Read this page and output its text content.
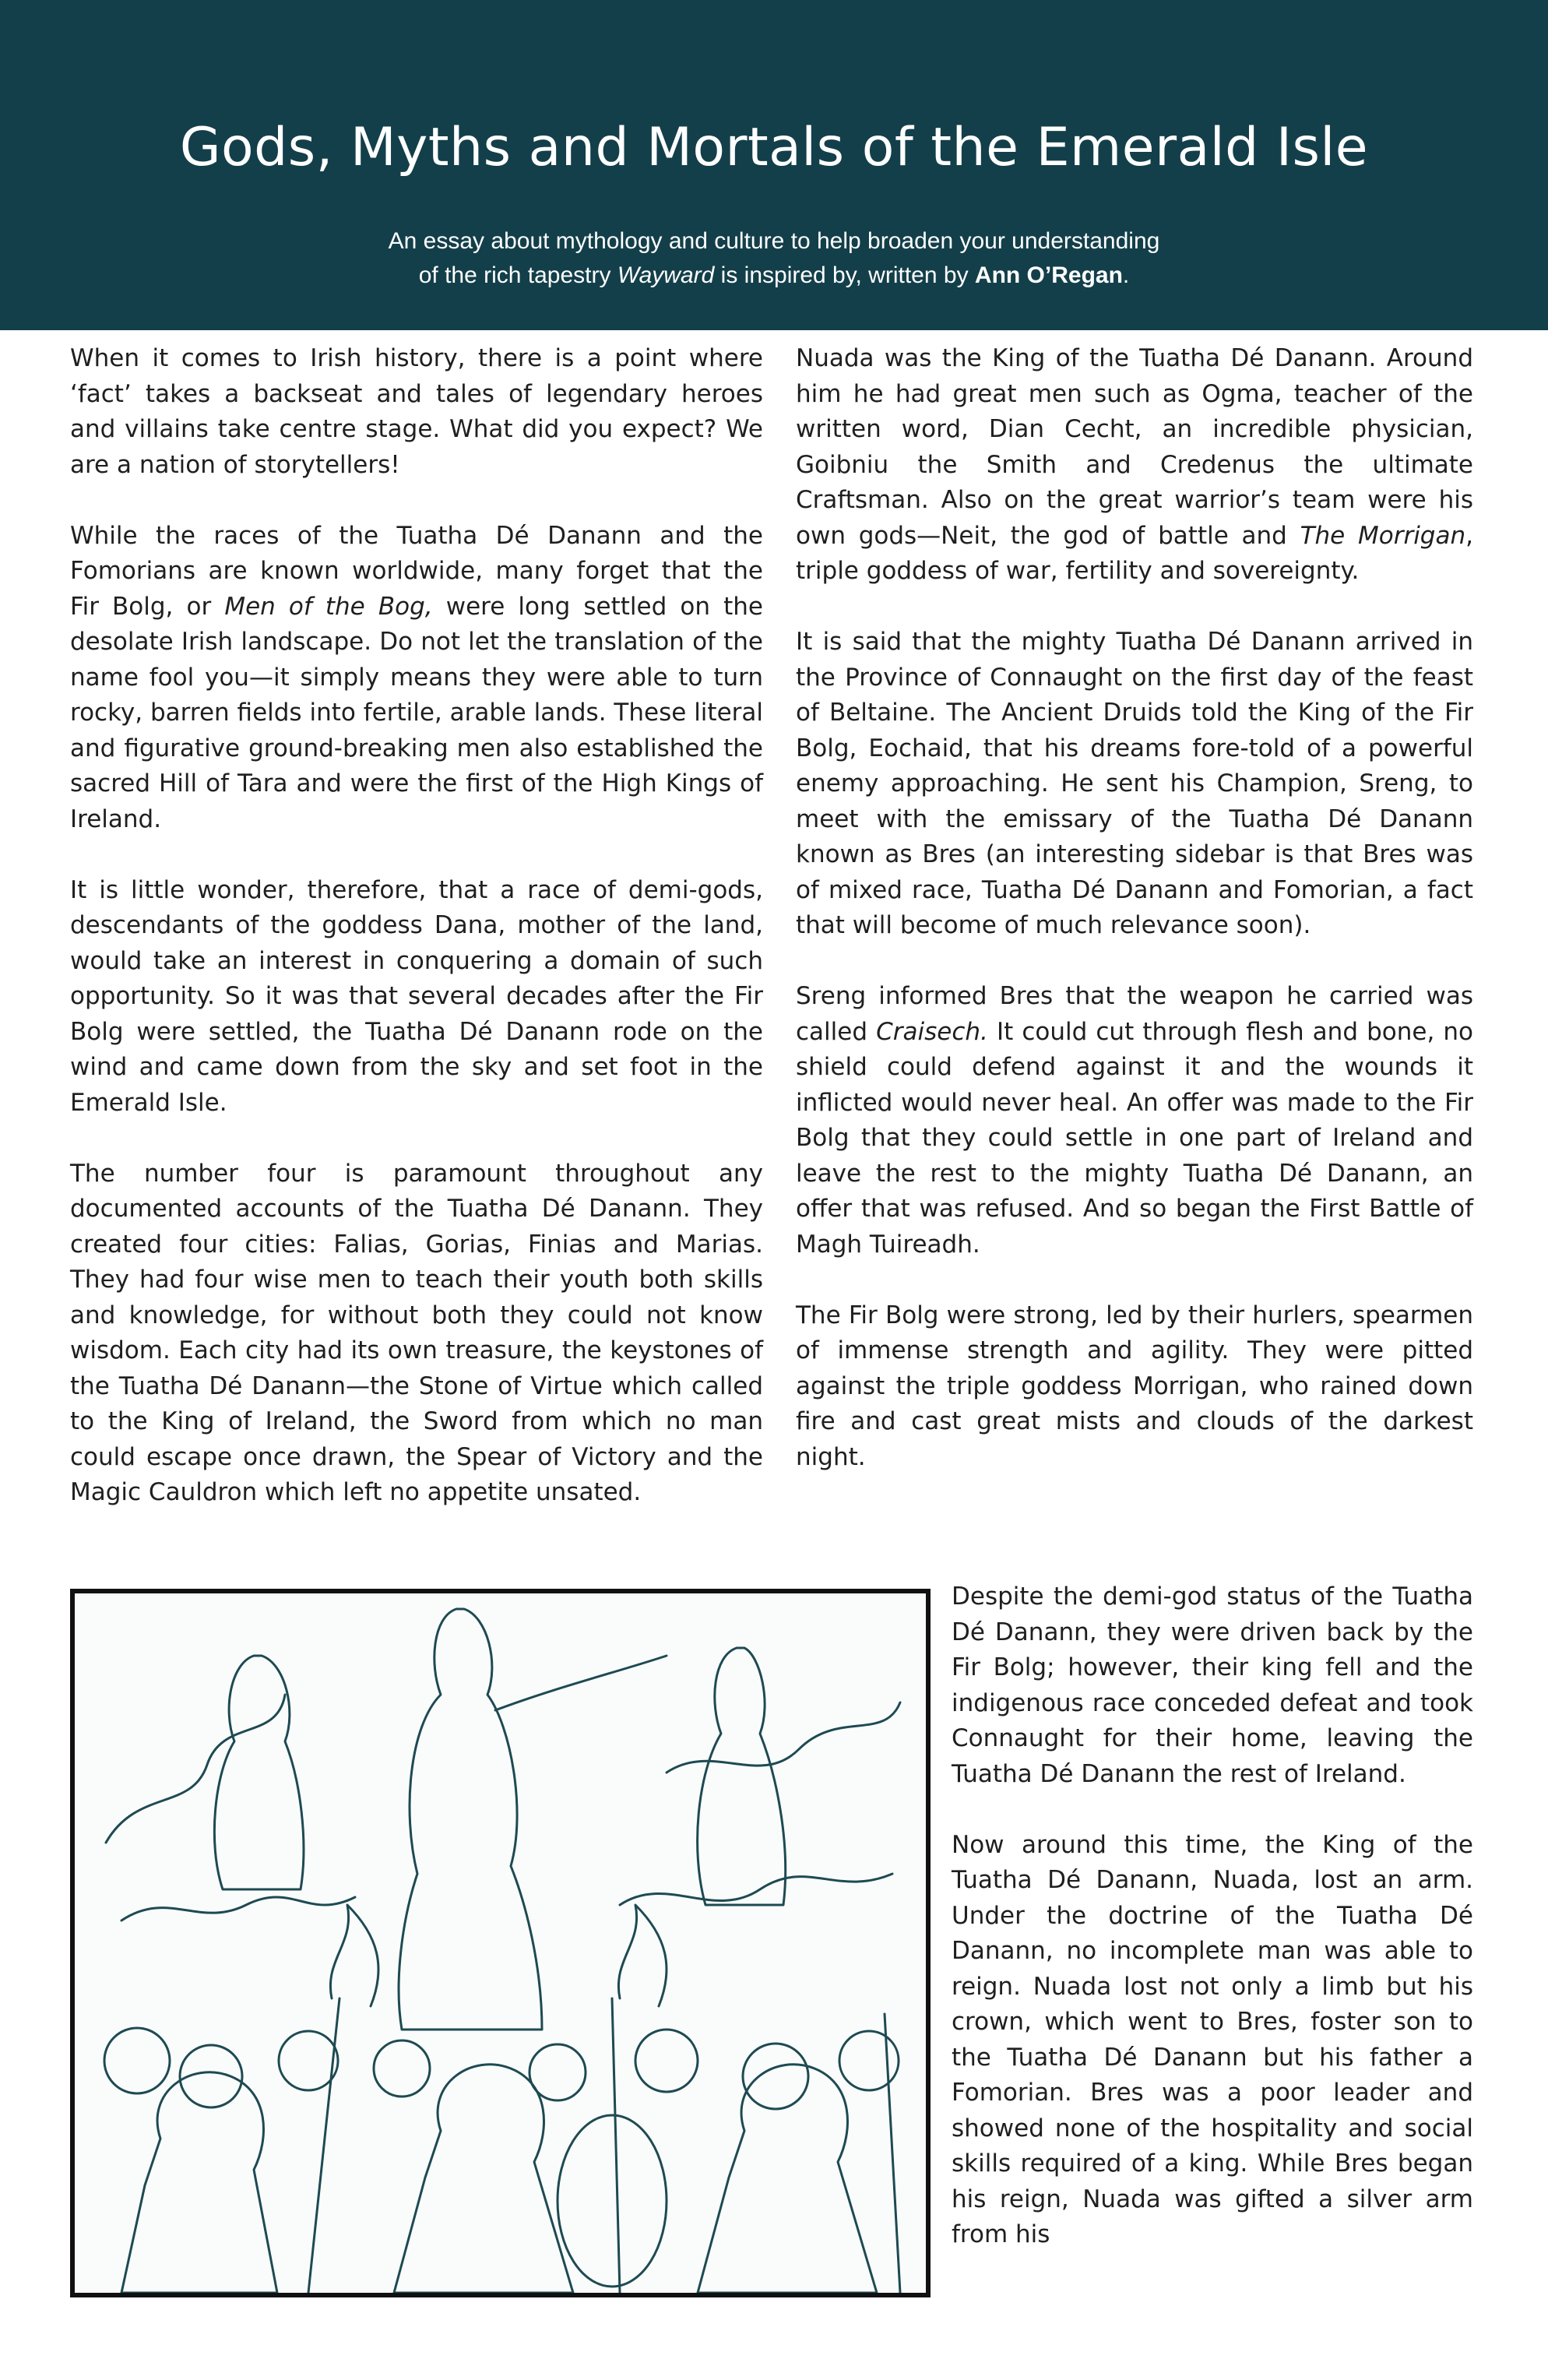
Gods, Myths and Mortals of the Emerald Isle

An essay about mythology and culture to help broaden your understanding
of the rich tapestry Wayward is inspired by, written by Ann O’Regan.

When it comes to Irish history, there is a point where ‘fact’ takes a backseat and tales of legendary heroes and villains take centre stage. What did you expect? We are a nation of storytellers!

While the races of the Tuatha Dé Danann and the Fomorians are known worldwide, many forget that the Fir Bolg, or Men of the Bog, were long settled on the desolate Irish landscape. Do not let the translation of the name fool you—it simply means they were able to turn rocky, barren fields into fertile, arable lands. These literal and figurative ground-breaking men also established the sacred Hill of Tara and were the first of the High Kings of Ireland.

It is little wonder, therefore, that a race of demi-gods, descendants of the goddess Dana, mother of the land, would take an interest in conquering a domain of such opportunity. So it was that several decades after the Fir Bolg were settled, the Tuatha Dé Danann rode on the wind and came down from the sky and set foot in the Emerald Isle.

The number four is paramount throughout any documented accounts of the Tuatha Dé Danann. They created four cities: Falias, Gorias, Finias and Marias. They had four wise men to teach their youth both skills and knowledge, for without both they could not know wisdom. Each city had its own treasure, the keystones of the Tuatha Dé Danann—the Stone of Virtue which called to the King of Ireland, the Sword from which no man could escape once drawn, the Spear of Victory and the Magic Cauldron which left no appetite unsated.

Nuada was the King of the Tuatha Dé Danann. Around him he had great men such as Ogma, teacher of the written word, Dian Cecht, an incredible physician, Goibniu the Smith and Credenus the ultimate Craftsman. Also on the great warrior’s team were his own gods—Neit, the god of battle and The Morrigan, triple goddess of war, fertility and sovereignty.

It is said that the mighty Tuatha Dé Danann arrived in the Province of Connaught on the first day of the feast of Beltaine. The Ancient Druids told the King of the Fir Bolg, Eochaid, that his dreams fore-told of a powerful enemy approaching. He sent his Champion, Sreng, to meet with the emissary of the Tuatha Dé Danann known as Bres (an interesting sidebar is that Bres was of mixed race, Tuatha Dé Danann and Fomorian, a fact that will become of much relevance soon).

Sreng informed Bres that the weapon he carried was called Craisech. It could cut through flesh and bone, no shield could defend against it and the wounds it inflicted would never heal. An offer was made to the Fir Bolg that they could settle in one part of Ireland and leave the rest to the mighty Tuatha Dé Danann, an offer that was refused. And so began the First Battle of Magh Tuireadh.

The Fir Bolg were strong, led by their hurlers, spearmen of immense strength and agility. They were pitted against the triple goddess Morrigan, who rained down fire and cast great mists and clouds of the darkest night.

Despite the demi-god status of the Tuatha Dé Danann, they were driven back by the Fir Bolg; however, their king fell and the indigenous race conceded defeat and took Connaught for their home, leaving the Tuatha Dé Danann the rest of Ireland.

Now around this time, the King of the Tuatha Dé Danann, Nuada, lost an arm. Under the doctrine of the Tuatha Dé Danann, no incomplete man was able to reign. Nuada lost not only a limb but his crown, which went to Bres, foster son to the Tuatha Dé Danann but his father a Fomorian. Bres was a poor leader and showed none of the hospitality and social skills required of a king. While Bres began his reign, Nuada was gifted a silver arm from his
